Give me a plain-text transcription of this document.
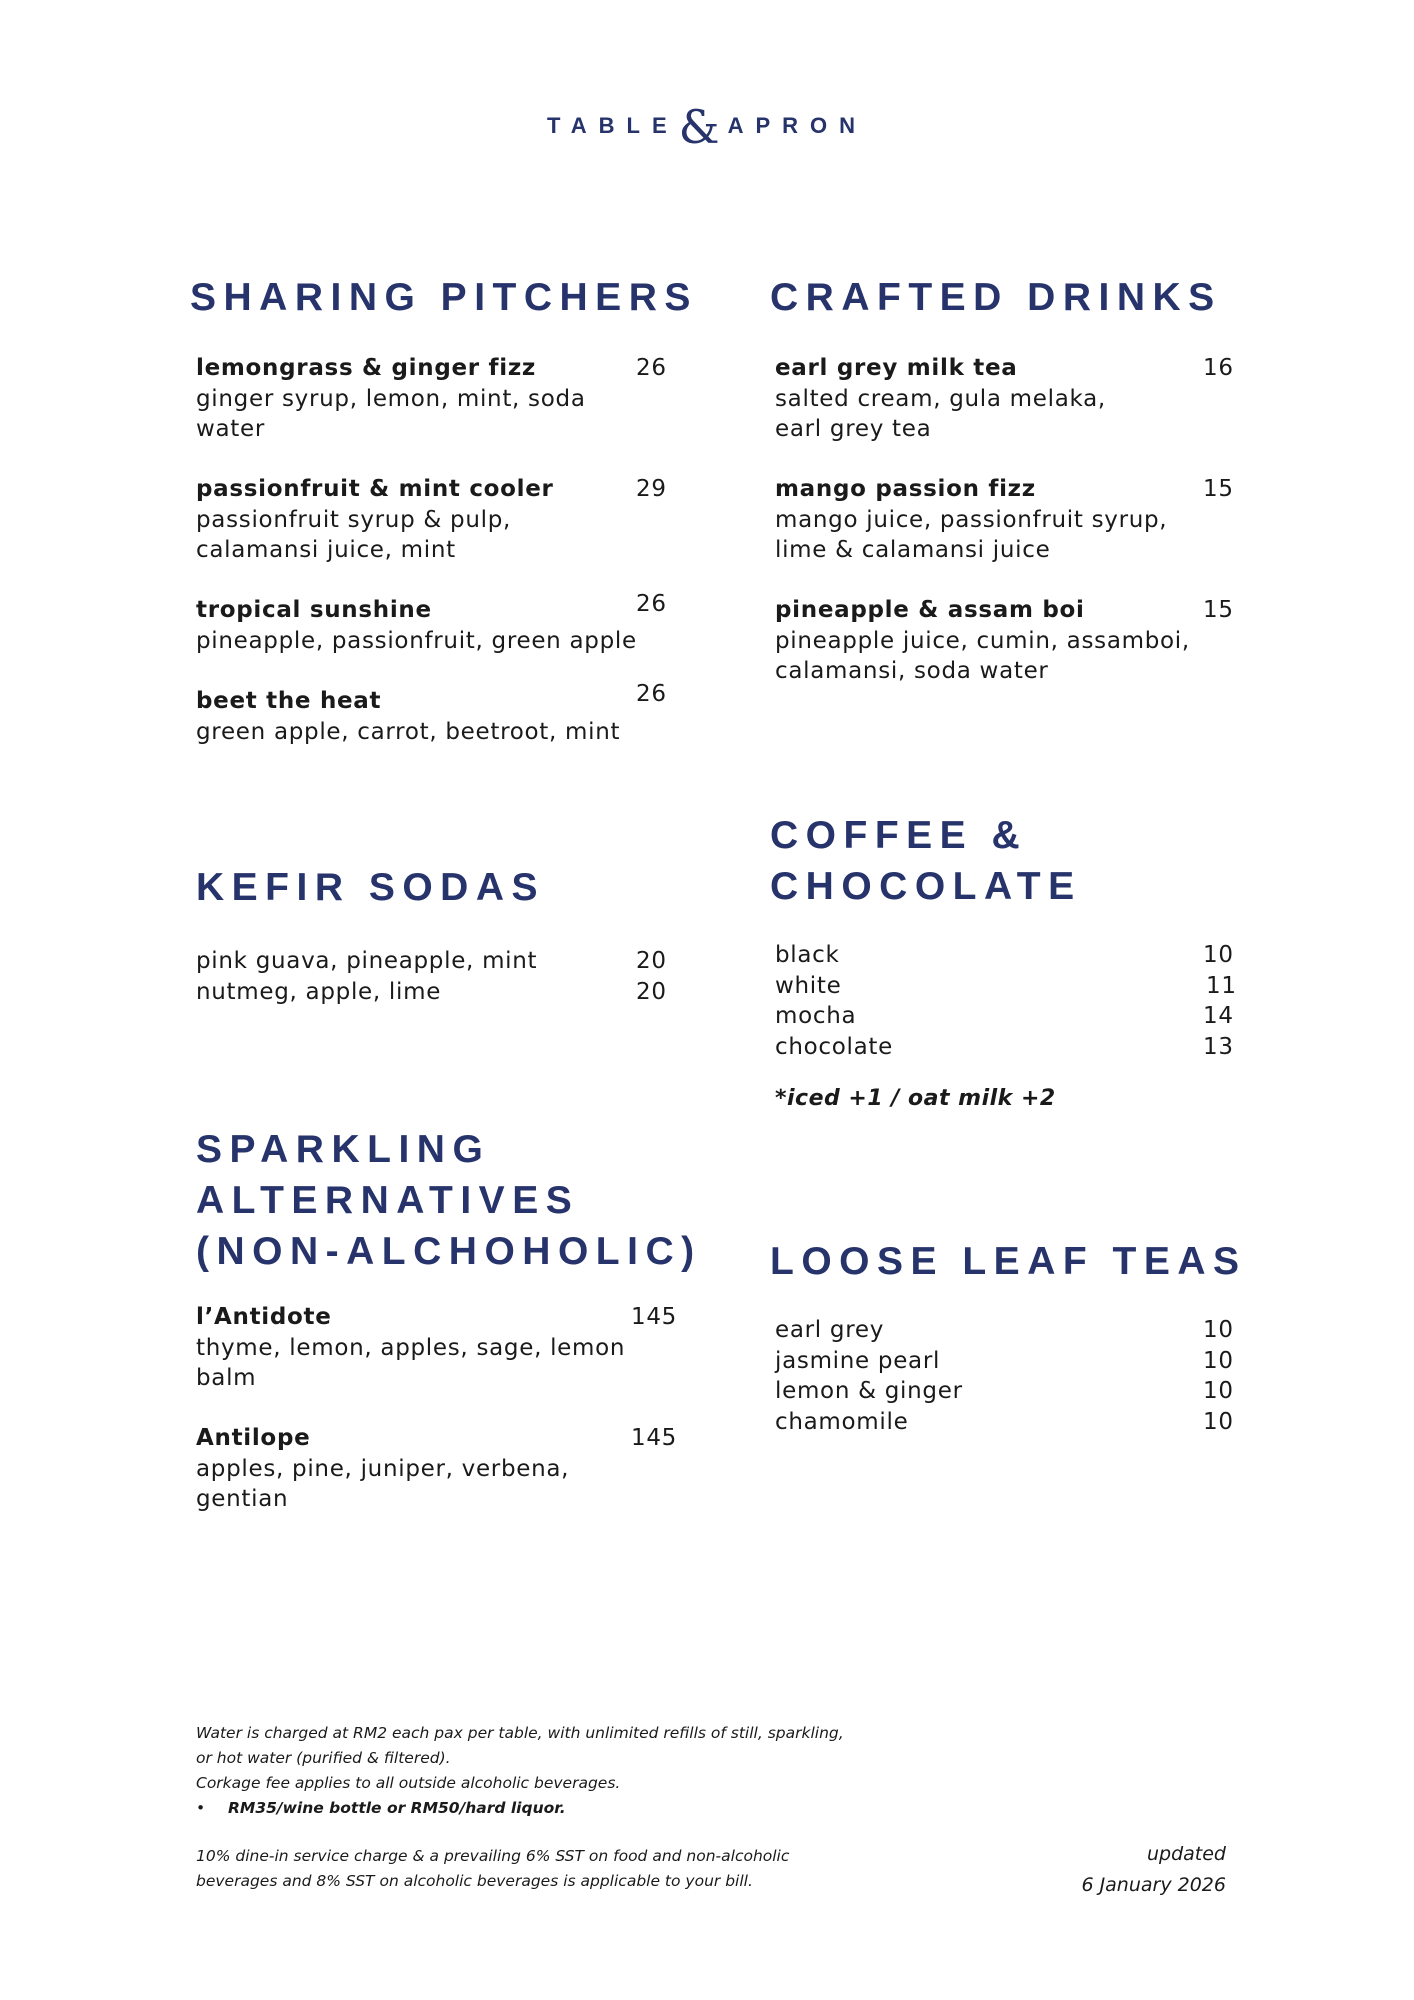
TABLE&APRON
SHARING PITCHERS
lemongrass & ginger fizz
ginger syrup, lemon, mint, soda
water
26
passionfruit & mint cooler
passionfruit syrup & pulp,
calamansi juice, mint
29
tropical sunshine
pineapple, passionfruit, green apple
26
beet the heat
green apple, carrot, beetroot, mint
26
CRAFTED DRINKS
earl grey milk tea
salted cream, gula melaka,
earl grey tea
16
mango passion fizz
mango juice, passionfruit syrup,
lime & calamansi juice
15
pineapple & assam boi
pineapple juice, cumin, assamboi,
calamansi, soda water
15
COFFEE &
CHOCOLATE
black	10
white	11
mocha	14
chocolate	13
*iced +1 / oat milk +2
KEFIR SODAS
pink guava, pineapple, mint	20
nutmeg, apple, lime	20
SPARKLING
ALTERNATIVES
(NON-ALCHOHOLIC)
l’Antidote
thyme, lemon, apples, sage, lemon
balm
145
Antilope
apples, pine, juniper, verbena,
gentian
145
LOOSE LEAF TEAS
earl grey	10
jasmine pearl	10
lemon & ginger	10
chamomile	10
Water is charged at RM2 each pax per table, with unlimited refills of still, sparkling,
or hot water (purified & filtered).
Corkage fee applies to all outside alcoholic beverages.
• RM35/wine bottle or RM50/hard liquor.
10% dine-in service charge & a prevailing 6% SST on food and non-alcoholic
beverages and 8% SST on alcoholic beverages is applicable to your bill.
updated
6 January 2026
